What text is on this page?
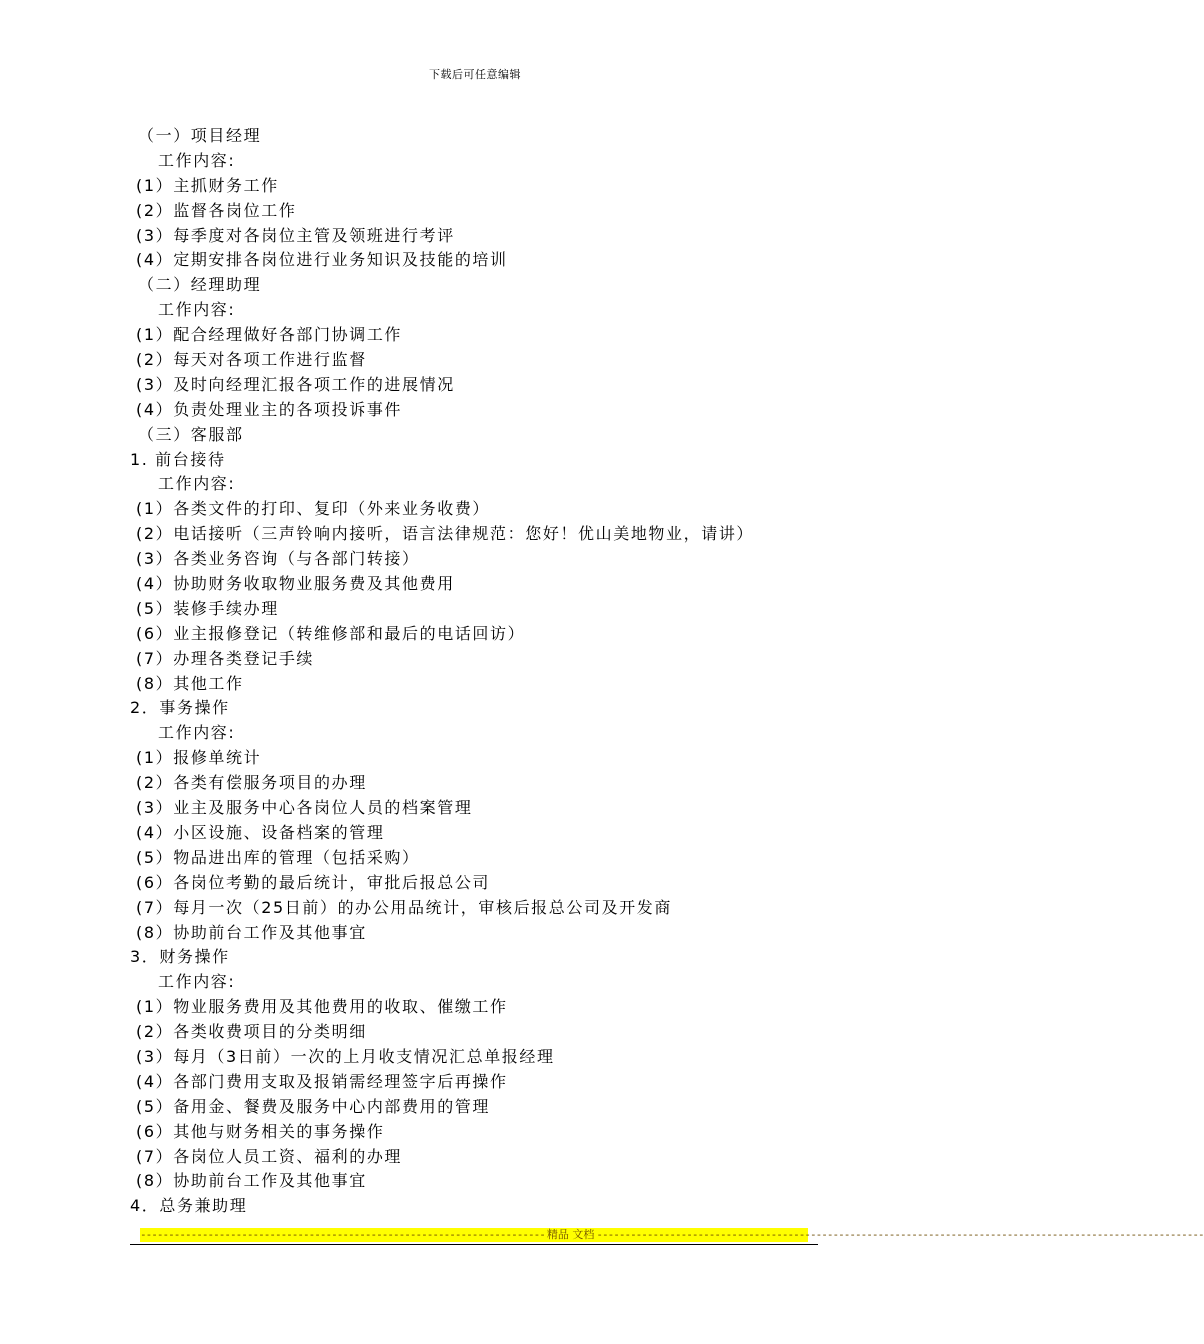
下载后可任意编辑
（一）项目经理
工作内容:
(1）主抓财务工作
(2）监督各岗位工作
(3）每季度对各岗位主管及领班进行考评
(4）定期安排各岗位进行业务知识及技能的培训
（二）经理助理
工作内容:
(1）配合经理做好各部门协调工作
(2）每天对各项工作进行监督
(3）及时向经理汇报各项工作的进展情况
(4）负责处理业主的各项投诉事件
（三）客服部
1. 前台接待
工作内容:
(1）各类文件的打印、复印（外来业务收费）
(2）电话接听（三声铃响内接听，语言法律规范：您好！优山美地物业，请讲）
(3）各类业务咨询（与各部门转接）
(4）协助财务收取物业服务费及其他费用
(5）装修手续办理
(6）业主报修登记（转维修部和最后的电话回访）
(7）办理各类登记手续
(8）其他工作
2．事务操作
工作内容:
(1）报修单统计
(2）各类有偿服务项目的办理
(3）业主及服务中心各岗位人员的档案管理
(4）小区设施、设备档案的管理
(5）物品进出库的管理（包括采购）
(6）各岗位考勤的最后统计，审批后报总公司
(7）每月一次（25日前）的办公用品统计，审核后报总公司及开发商
(8）协助前台工作及其他事宜
3．财务操作
工作内容:
(1）物业服务费用及其他费用的收取、催缴工作
(2）各类收费项目的分类明细
(3）每月（3日前）一次的上月收支情况汇总单报经理
(4）各部门费用支取及报销需经理签字后再操作
(5）备用金、餐费及服务中心内部费用的管理
(6）其他与财务相关的事务操作
(7）各岗位人员工资、福利的办理
(8）协助前台工作及其他事宜
4．总务兼助理
------------------------------------------------------------------------ 精品 文档 ------------------------------------------------------------------------------------------------------------
